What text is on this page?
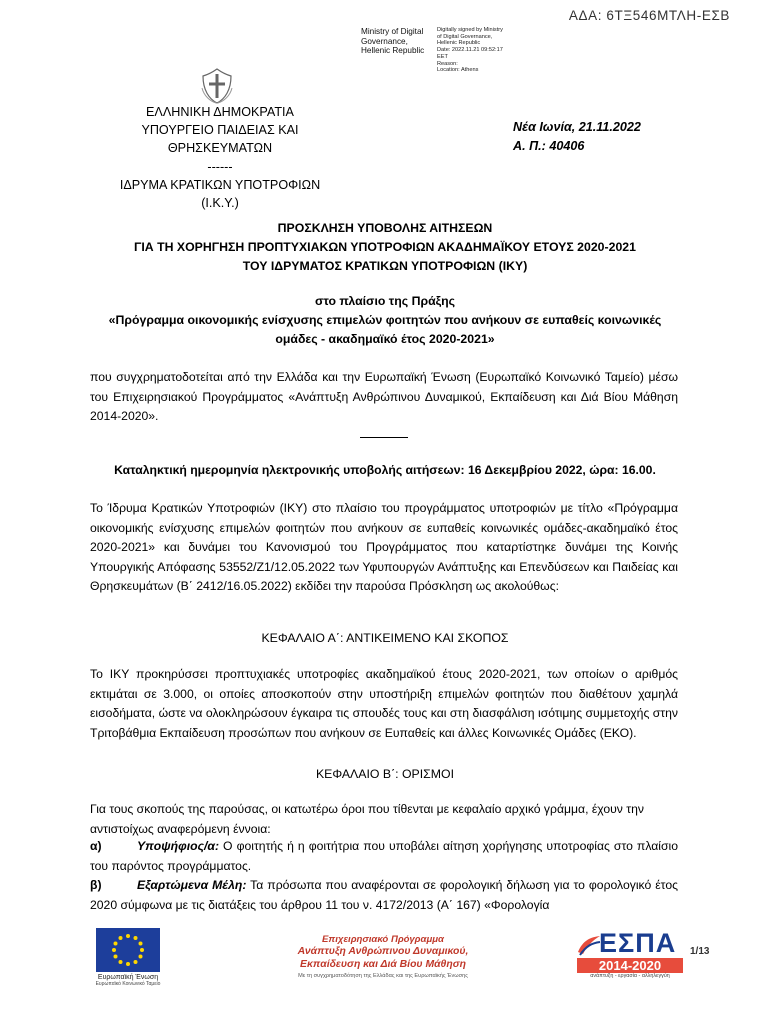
ΑΔΑ: 6ΤΞ546ΜΤΛΗ-ΕΣΒ
Ministry of Digital
Governance,
Hellenic Republic
Digitally signed by Ministry
of Digital Governance,
Hellenic Republic
Date: 2022.11.21 09:52:17
EET
Reason:
Location: Athens
ΕΛΛΗΝΙΚΗ ΔΗΜΟΚΡΑΤΙΑ
ΥΠΟΥΡΓΕΙΟ ΠΑΙΔΕΙΑΣ ΚΑΙ ΘΡΗΣΚΕΥΜΑΤΩΝ
------
ΙΔΡΥΜΑ ΚΡΑΤΙΚΩΝ ΥΠΟΤΡΟΦΙΩΝ
(Ι.Κ.Υ.)
Νέα Ιωνία, 21.11.2022
Α. Π.: 40406
ΠΡΟΣΚΛΗΣΗ ΥΠΟΒΟΛΗΣ ΑΙΤΗΣΕΩΝ
ΓΙΑ ΤΗ ΧΟΡΗΓΗΣΗ ΠΡΟΠΤΥΧΙΑΚΩΝ ΥΠΟΤΡΟΦΙΩΝ ΑΚΑΔΗΜΑΪΚΟΥ ΕΤΟΥΣ 2020-2021
ΤΟΥ ΙΔΡΥΜΑΤΟΣ ΚΡΑΤΙΚΩΝ ΥΠΟΤΡΟΦΙΩΝ (ΙΚΥ)
στο πλαίσιο της Πράξης
«Πρόγραμμα οικονομικής ενίσχυσης επιμελών φοιτητών που ανήκουν σε ευπαθείς κοινωνικές
ομάδες - ακαδημαϊκό έτος 2020-2021»
που συγχρηματοδοτείται από την Ελλάδα και την Ευρωπαϊκή Ένωση (Ευρωπαϊκό Κοινωνικό Ταμείο) μέσω του Επιχειρησιακού Προγράμματος «Ανάπτυξη Ανθρώπινου Δυναμικού, Εκπαίδευση και Διά Βίου Μάθηση 2014-2020».
Καταληκτική ημερομηνία ηλεκτρονικής υποβολής αιτήσεων: 16 Δεκεμβρίου 2022, ώρα: 16.00.
Το Ίδρυμα Κρατικών Υποτροφιών (ΙΚΥ) στο πλαίσιο του προγράμματος υποτροφιών με τίτλο «Πρόγραμμα οικονομικής ενίσχυσης επιμελών φοιτητών που ανήκουν σε ευπαθείς κοινωνικές ομάδες-ακαδημαϊκό έτος 2020-2021» και δυνάμει του Κανονισμού του Προγράμματος που καταρτίστηκε δυνάμει της Κοινής Υπουργικής Απόφασης 53552/Ζ1/12.05.2022 των Υφυπουργών Ανάπτυξης και Επενδύσεων και Παιδείας και Θρησκευμάτων (Β΄ 2412/16.05.2022) εκδίδει την παρούσα Πρόσκληση ως ακολούθως:
ΚΕΦΑΛΑΙΟ Α΄: ΑΝΤΙΚΕΙΜΕΝΟ ΚΑΙ ΣΚΟΠΟΣ
Το ΙΚΥ προκηρύσσει προπτυχιακές υποτροφίες ακαδημαϊκού έτους 2020-2021, των οποίων ο αριθμός εκτιμάται σε 3.000, οι οποίες αποσκοπούν στην υποστήριξη επιμελών φοιτητών που διαθέτουν χαμηλά εισοδήματα, ώστε να ολοκληρώσουν έγκαιρα τις σπουδές τους και στη διασφάλιση ισότιμης συμμετοχής στην Τριτοβάθμια Εκπαίδευση προσώπων που ανήκουν σε Ευπαθείς και άλλες Κοινωνικές Ομάδες (ΕΚΟ).
ΚΕΦΑΛΑΙΟ Β΄: ΟΡΙΣΜΟΙ
Για τους σκοπούς της παρούσας, οι κατωτέρω όροι που τίθενται με κεφαλαίο αρχικό γράμμα, έχουν την αντιστοίχως αναφερόμενη έννοια:
α)	Υποψήφιος/α: Ο φοιτητής ή η φοιτήτρια που υποβάλει αίτηση χορήγησης υποτροφίας στο πλαίσιο του παρόντος προγράμματος.
β)	Εξαρτώμενα Μέλη: Τα πρόσωπα που αναφέρονται σε φορολογική δήλωση για το φορολογικό έτος 2020 σύμφωνα με τις διατάξεις του άρθρου 11 του ν. 4172/2013 (Α΄ 167) «Φορολογία
Ευρωπαϊκή Ένωση
Ευρωπαϊκό Κοινωνικό Ταμείο
Επιχειρησιακό Πρόγραμμα
Ανάπτυξη Ανθρώπινου Δυναμικού,
Εκπαίδευση και Διά Βίου Μάθηση
Με τη συγχρηματοδότηση της Ελλάδας και της Ευρωπαϊκής Ένωσης
ΕΣΠΑ
2014-2020
ανάπτυξη - εργασία - αλληλεγγύη
1/13
